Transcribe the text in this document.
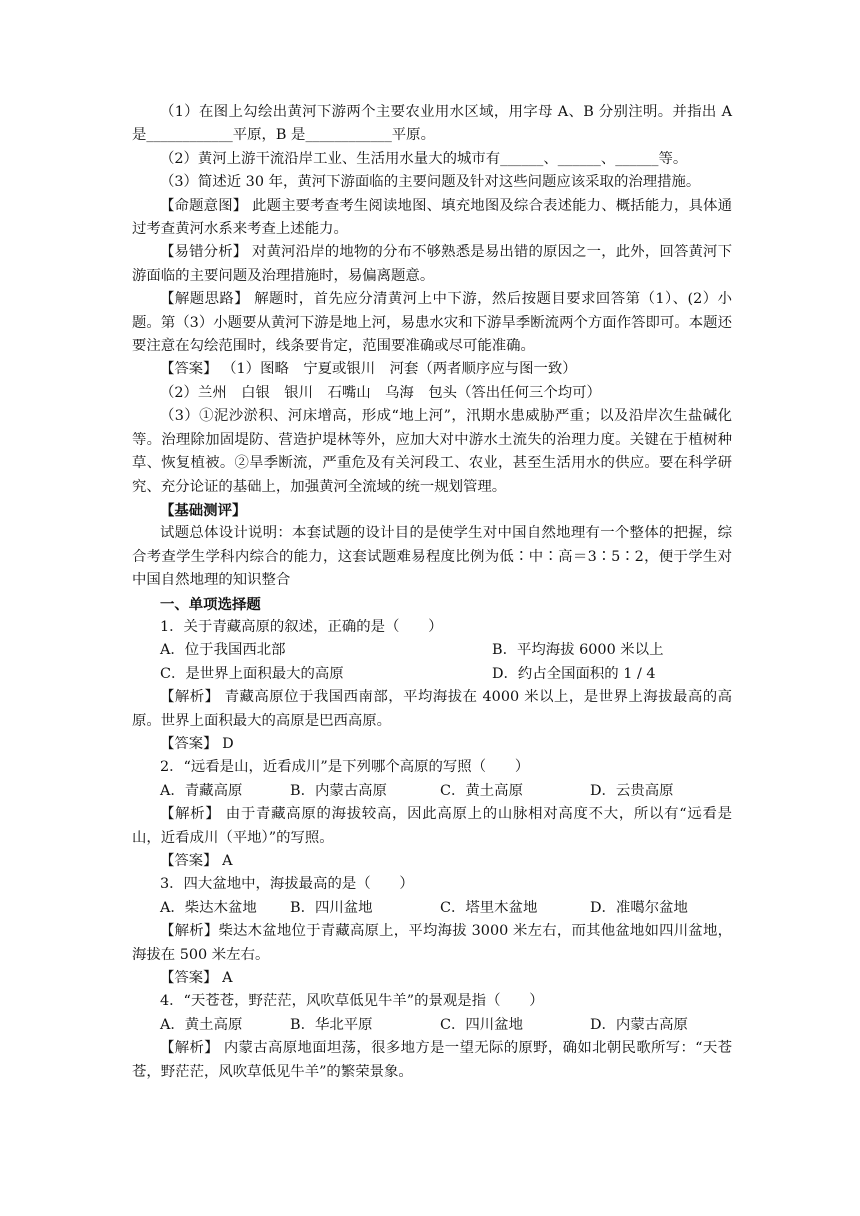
（1）在图上勾绘出黄河下游两个主要农业用水区域，用字母 A、B 分别注明。并指出 A 是____________平原，B 是____________平原。

（2）黄河上游干流沿岸工业、生活用水量大的城市有______、______、______等。

（3）简述近 30 年，黄河下游面临的主要问题及针对这些问题应该采取的治理措施。

【命题意图】 此题主要考查考生阅读地图、填充地图及综合表述能力、概括能力，具体通过考查黄河水系来考查上述能力。

【易错分析】 对黄河沿岸的地物的分布不够熟悉是易出错的原因之一，此外，回答黄河下游面临的主要问题及治理措施时，易偏离题意。

【解题思路】 解题时，首先应分清黄河上中下游，然后按题目要求回答第（1）、(2）小题。第（3）小题要从黄河下游是地上河，易患水灾和下游旱季断流两个方面作答即可。本题还要注意在勾绘范围时，线条要肯定，范围要准确或尽可能准确。

【答案】 （1）图略　宁夏或银川　河套（两者顺序应与图一致）

（2）兰州　白银　银川　石嘴山　乌海　包头（答出任何三个均可）

（3）①泥沙淤积、河床增高，形成“地上河”，汛期水患威胁严重；以及沿岸次生盐碱化等。治理除加固堤防、营造护堤林等外，应加大对中游水土流失的治理力度。关键在于植树种草、恢复植被。②旱季断流，严重危及有关河段工、农业，甚至生活用水的供应。要在科学研究、充分论证的基础上，加强黄河全流域的统一规划管理。

【基础测评】

试题总体设计说明：本套试题的设计目的是使学生对中国自然地理有一个整体的把握，综合考查学生学科内综合的能力，这套试题难易程度比例为低∶中∶高＝3∶5∶2，便于学生对中国自然地理的知识整合

一、单项选择题

1．关于青藏高原的叙述，正确的是（　　）

A．位于我国西北部	B．平均海拔 6000 米以上
C．是世界上面积最大的高原	D．约占全国面积的 1 / 4

【解析】 青藏高原位于我国西南部，平均海拔在 4000 米以上，是世界上海拔最高的高原。世界上面积最大的高原是巴西高原。

【答案】 D

2．“远看是山，近看成川”是下列哪个高原的写照（　　）

A．青藏高原	B．内蒙古高原	C．黄土高原	D．云贵高原

【解析】 由于青藏高原的海拔较高，因此高原上的山脉相对高度不大，所以有“远看是山，近看成川（平地）”的写照。

【答案】 A

3．四大盆地中，海拔最高的是（　　）

A．柴达木盆地	B．四川盆地	C．塔里木盆地	D．准噶尔盆地

【解析】柴达木盆地位于青藏高原上，平均海拔 3000 米左右，而其他盆地如四川盆地，海拔在 500 米左右。

【答案】 A

4．“天苍苍，野茫茫，风吹草低见牛羊”的景观是指（　　）

A．黄土高原	B．华北平原	C．四川盆地	D．内蒙古高原

【解析】 内蒙古高原地面坦荡，很多地方是一望无际的原野，确如北朝民歌所写：“天苍苍，野茫茫，风吹草低见牛羊”的繁荣景象。
